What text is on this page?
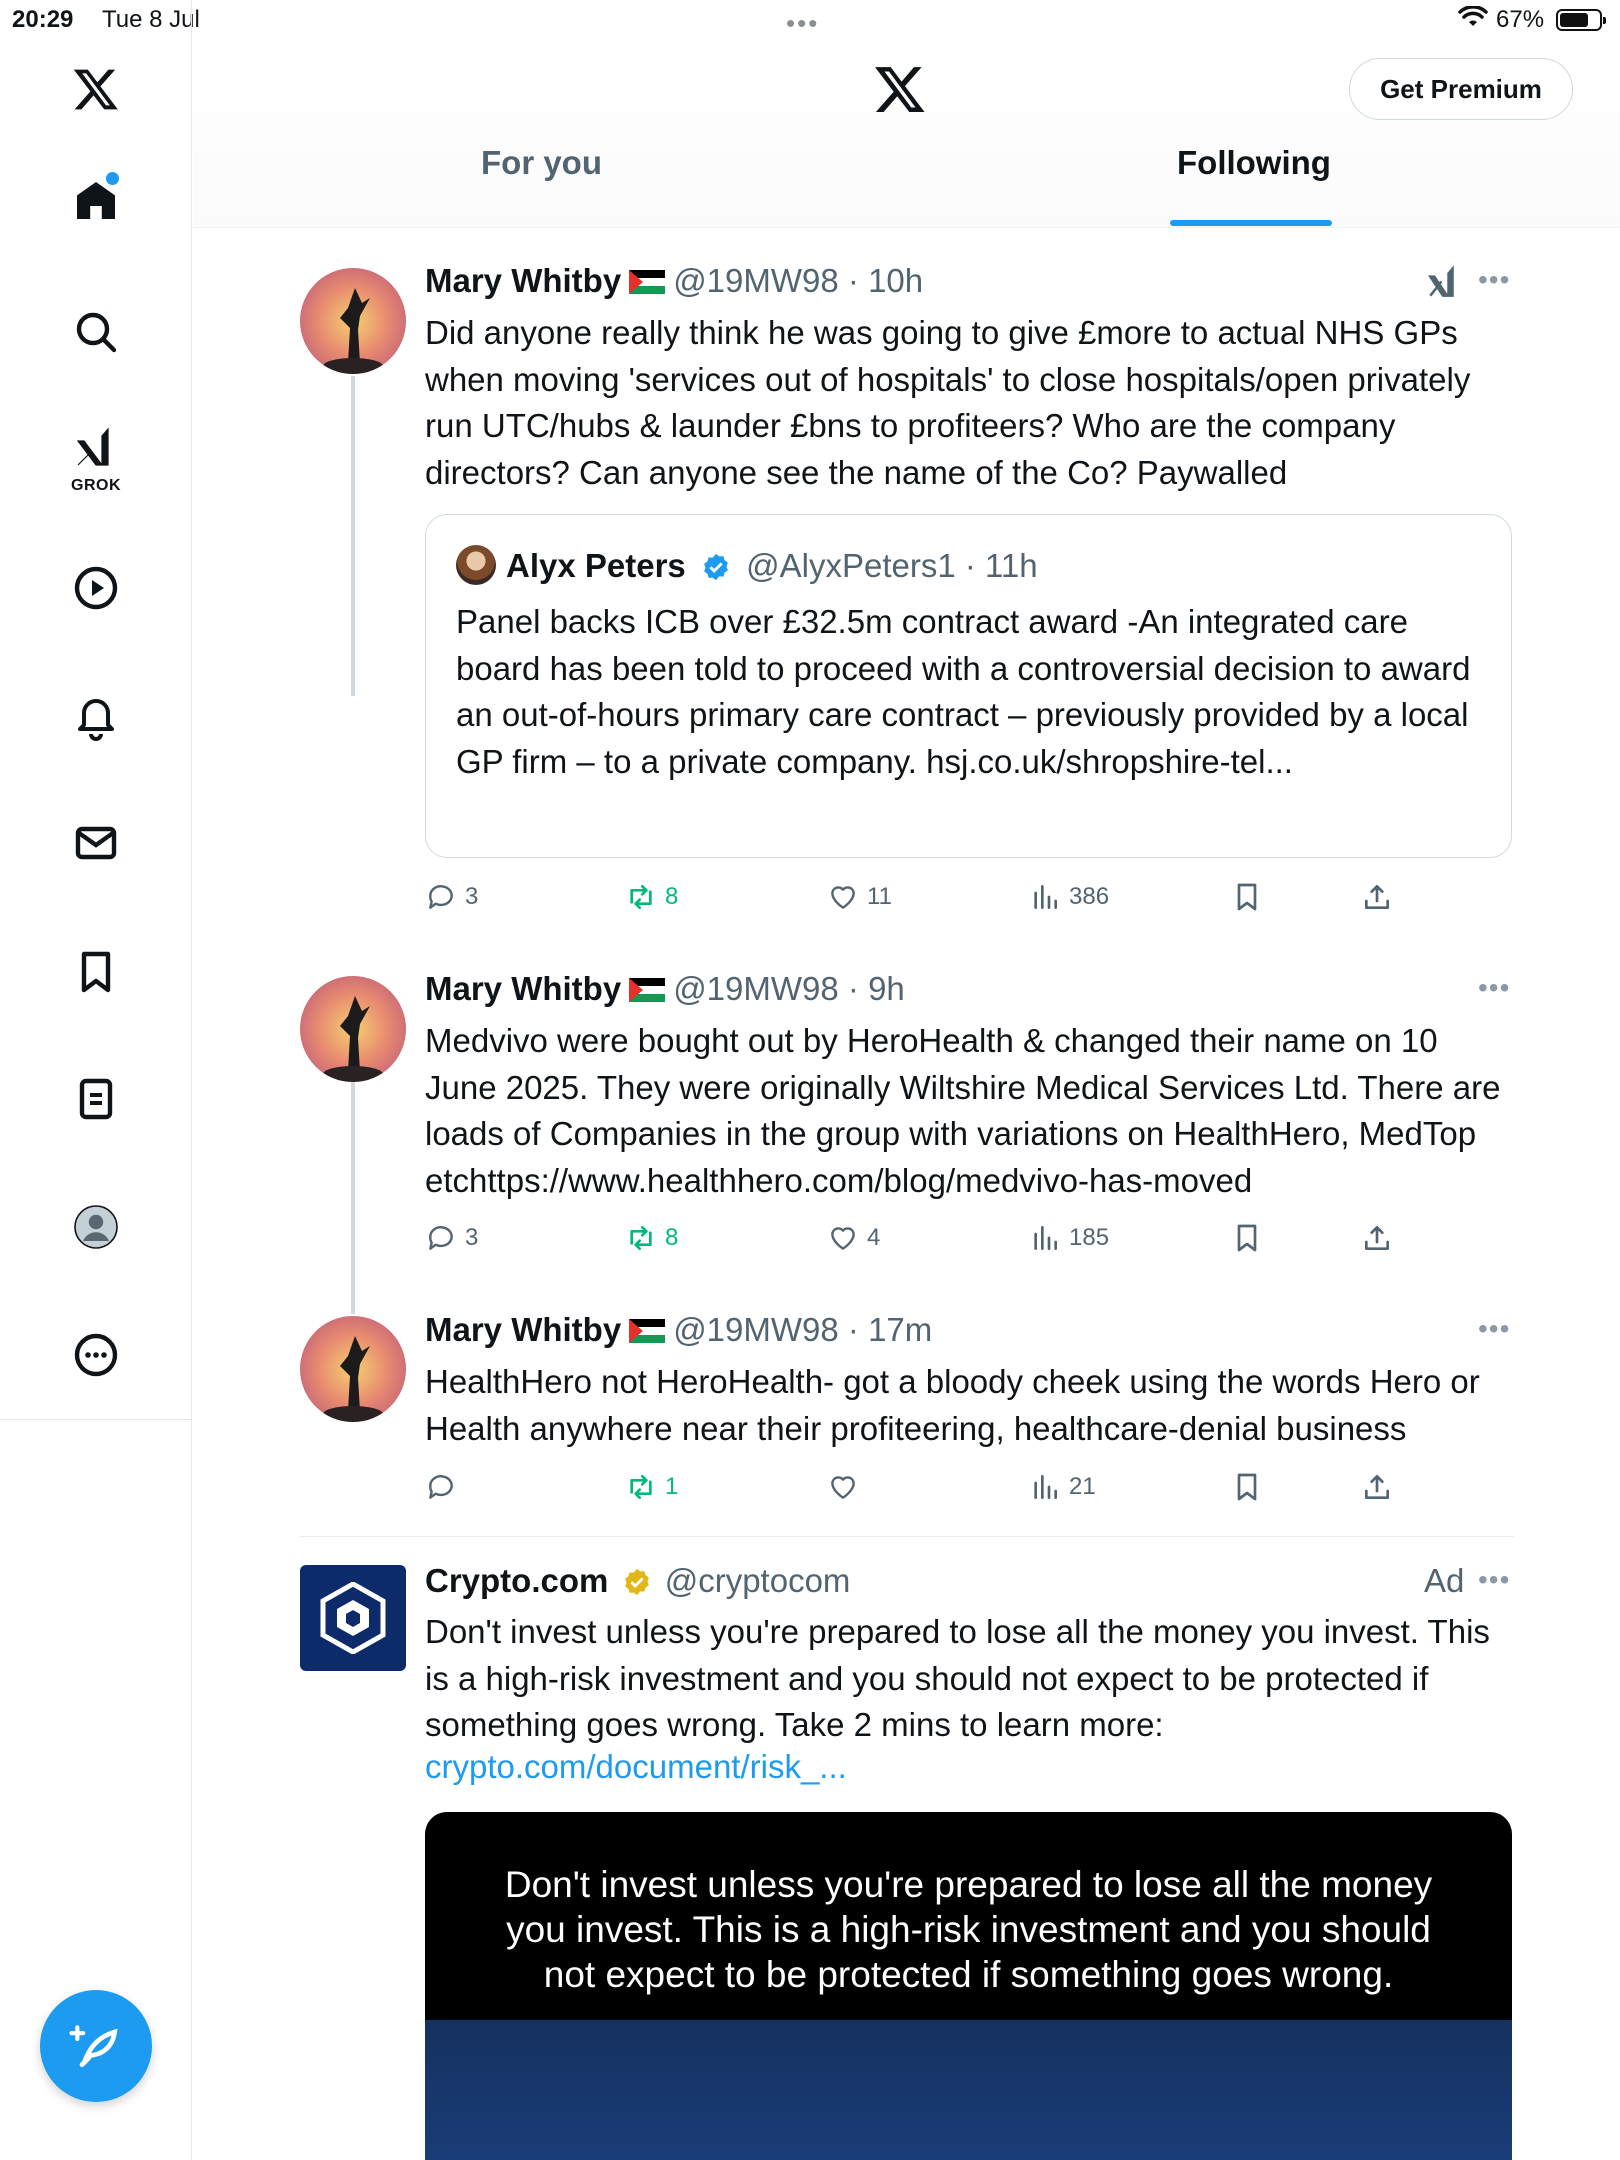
20:29 Tue 8 Jul	•••	67%
GROK
Get Premium
For you	Following
Mary Whitby @19MW98 · 10h	•••
Did anyone really think he was going to give £more to actual NHS GPs when moving 'services out of hospitals' to close hospitals/open privately run UTC/hubs & launder £bns to profiteers? Who are the company directors? Can anyone see the name of the Co? Paywalled
Alyx Peters @AlyxPeters1 · 11h
Panel backs ICB over £32.5m contract award -An integrated care board has been told to proceed with a controversial decision to award an out-of-hours primary care contract – previously provided by a local GP firm – to a private company. hsj.co.uk/shropshire-tel...
3	8	11	386
Mary Whitby @19MW98 · 9h	•••
Medvivo were bought out by HeroHealth & changed their name on 10 June 2025. They were originally Wiltshire Medical Services Ltd. There are loads of Companies in the group with variations on HealthHero, MedTop etchttps://www.healthhero.com/blog/medvivo-has-moved
3	8	4	185
Mary Whitby @19MW98 · 17m	•••
HealthHero not HeroHealth- got a bloody cheek using the words Hero or Health anywhere near their profiteering, healthcare-denial business
1	21
Crypto.com @cryptocom	Ad •••
Don't invest unless you're prepared to lose all the money you invest. This is a high-risk investment and you should not expect to be protected if something goes wrong. Take 2 mins to learn more:
crypto.com/document/risk_...
Don't invest unless you're prepared to lose all the money you invest. This is a high-risk investment and you should not expect to be protected if something goes wrong.
